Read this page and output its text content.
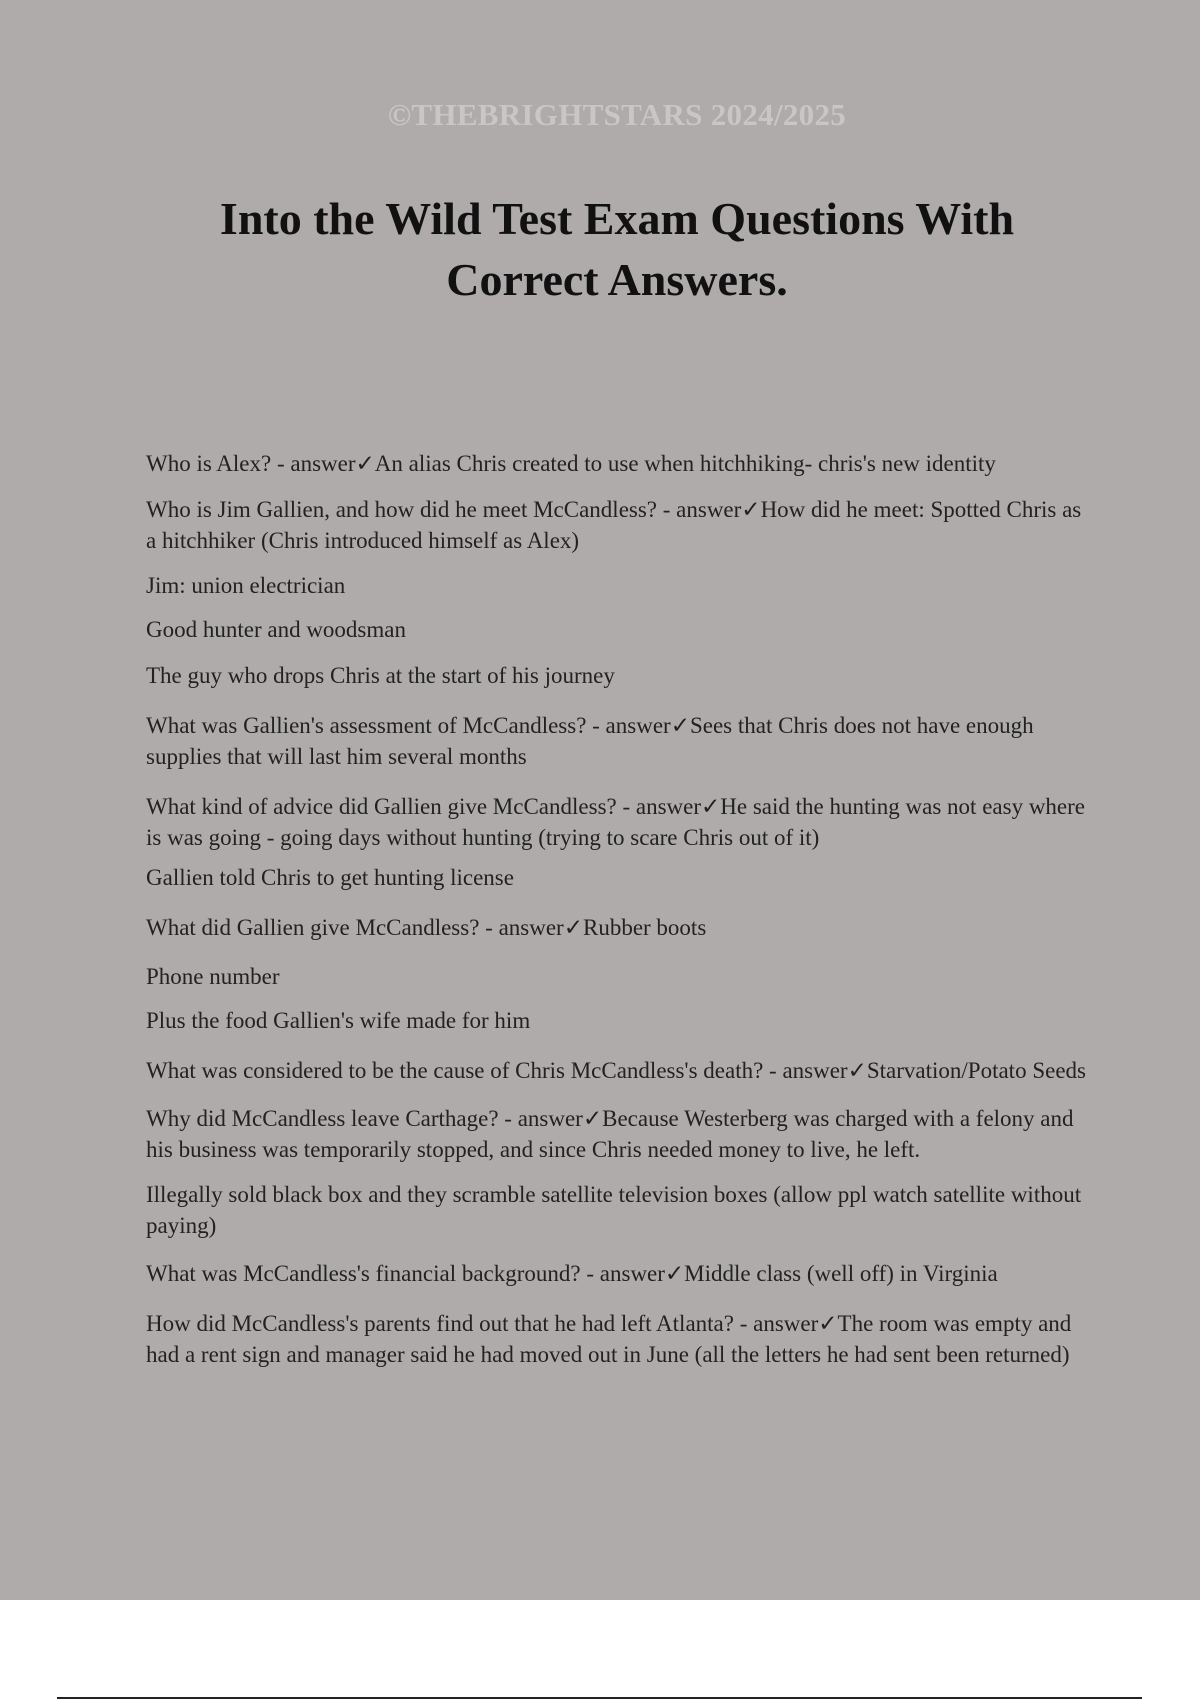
©THEBRIGHTSTARS 2024/2025
Into the Wild Test Exam Questions With Correct Answers.

Who is Alex? - answer✓An alias Chris created to use when hitchhiking- chris's new identity

Who is Jim Gallien, and how did he meet McCandless? - answer✓How did he meet: Spotted Chris as a hitchhiker (Chris introduced himself as Alex)

Jim: union electrician

Good hunter and woodsman

The guy who drops Chris at the start of his journey

What was Gallien's assessment of McCandless? - answer✓Sees that Chris does not have enough supplies that will last him several months

What kind of advice did Gallien give McCandless? - answer✓He said the hunting was not easy where is was going - going days without hunting (trying to scare Chris out of it)

Gallien told Chris to get hunting license

What did Gallien give McCandless? - answer✓Rubber boots

Phone number

Plus the food Gallien's wife made for him

What was considered to be the cause of Chris McCandless's death? - answer✓Starvation/Potato Seeds

Why did McCandless leave Carthage? - answer✓Because Westerberg was charged with a felony and his business was temporarily stopped, and since Chris needed money to live, he left.

Illegally sold black box and they scramble satellite television boxes (allow ppl watch satellite without paying)

What was McCandless's financial background? - answer✓Middle class (well off) in Virginia

How did McCandless's parents find out that he had left Atlanta? - answer✓The room was empty and had a rent sign and manager said he had moved out in June (all the letters he had sent been returned)
